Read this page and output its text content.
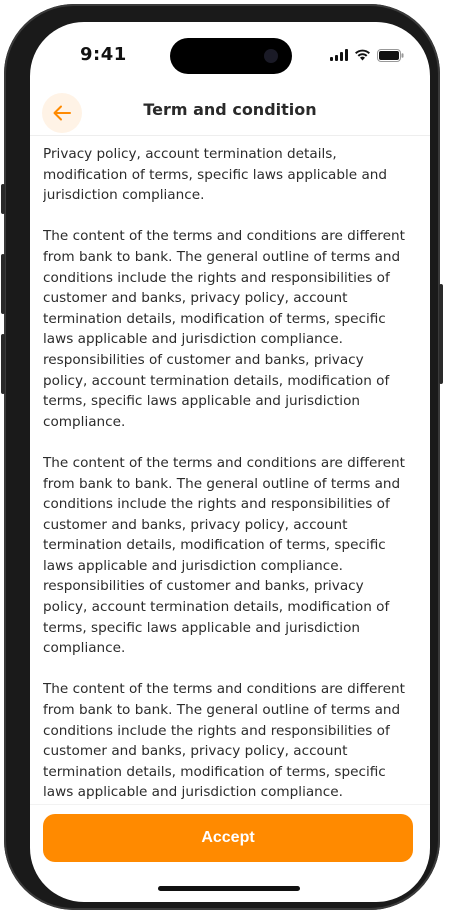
9:41
Term and condition

Privacy policy, account termination details, modification of terms, specific laws applicable and jurisdiction compliance.

The content of the terms and conditions are different from bank to bank. The general outline of terms and conditions include the rights and responsibilities of customer and banks, privacy policy, account termination details, modification of terms, specific laws applicable and jurisdiction compliance. responsibilities of customer and banks, privacy policy, account termination details, modification of terms, specific laws applicable and jurisdiction compliance.

The content of the terms and conditions are different from bank to bank. The general outline of terms and conditions include the rights and responsibilities of customer and banks, privacy policy, account termination details, modification of terms, specific laws applicable and jurisdiction compliance. responsibilities of customer and banks, privacy policy, account termination details, modification of terms, specific laws applicable and jurisdiction compliance.

The content of the terms and conditions are different from bank to bank. The general outline of terms and conditions include the rights and responsibilities of customer and banks, privacy policy, account termination details, modification of terms, specific laws applicable and jurisdiction compliance.

Accept
